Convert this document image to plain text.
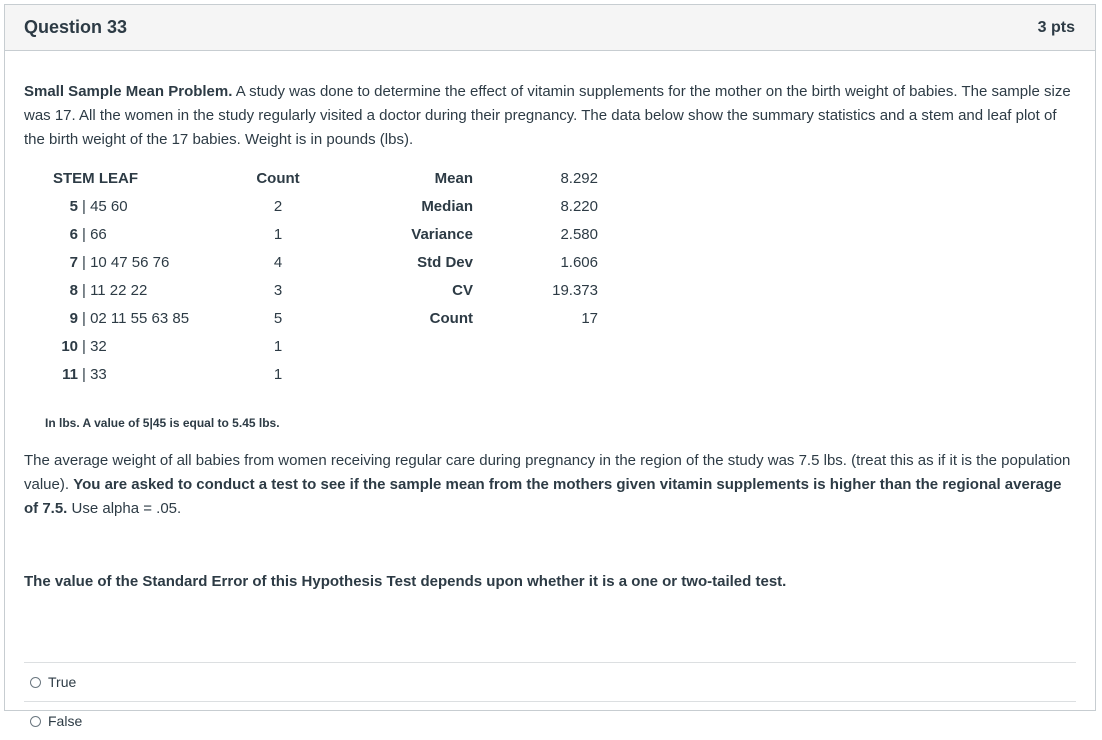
Question 33	3 pts

Small Sample Mean Problem. A study was done to determine the effect of vitamin supplements for the mother on the birth weight of babies. The sample size was 17. All the women in the study regularly visited a doctor during their pregnancy. The data below show the summary statistics and a stem and leaf plot of the birth weight of the 17 babies. Weight is in pounds (lbs).

STEM LEAF	Count	Mean	8.292
5 | 45 60	2	Median	8.220
6 | 66	1	Variance	2.580
7 | 10 47 56 76	4	Std Dev	1.606
8 | 11 22 22	3	CV	19.373
9 | 02 11 55 63 85	5	Count	17
10 | 32	1
11 | 33	1
In lbs. A value of 5|45 is equal to 5.45 lbs.

The average weight of all babies from women receiving regular care during pregnancy in the region of the study was 7.5 lbs. (treat this as if it is the population value). You are asked to conduct a test to see if the sample mean from the mothers given vitamin supplements is higher than the regional average of 7.5. Use alpha = .05.

The value of the Standard Error of this Hypothesis Test depends upon whether it is a one or two-tailed test.

True
False
